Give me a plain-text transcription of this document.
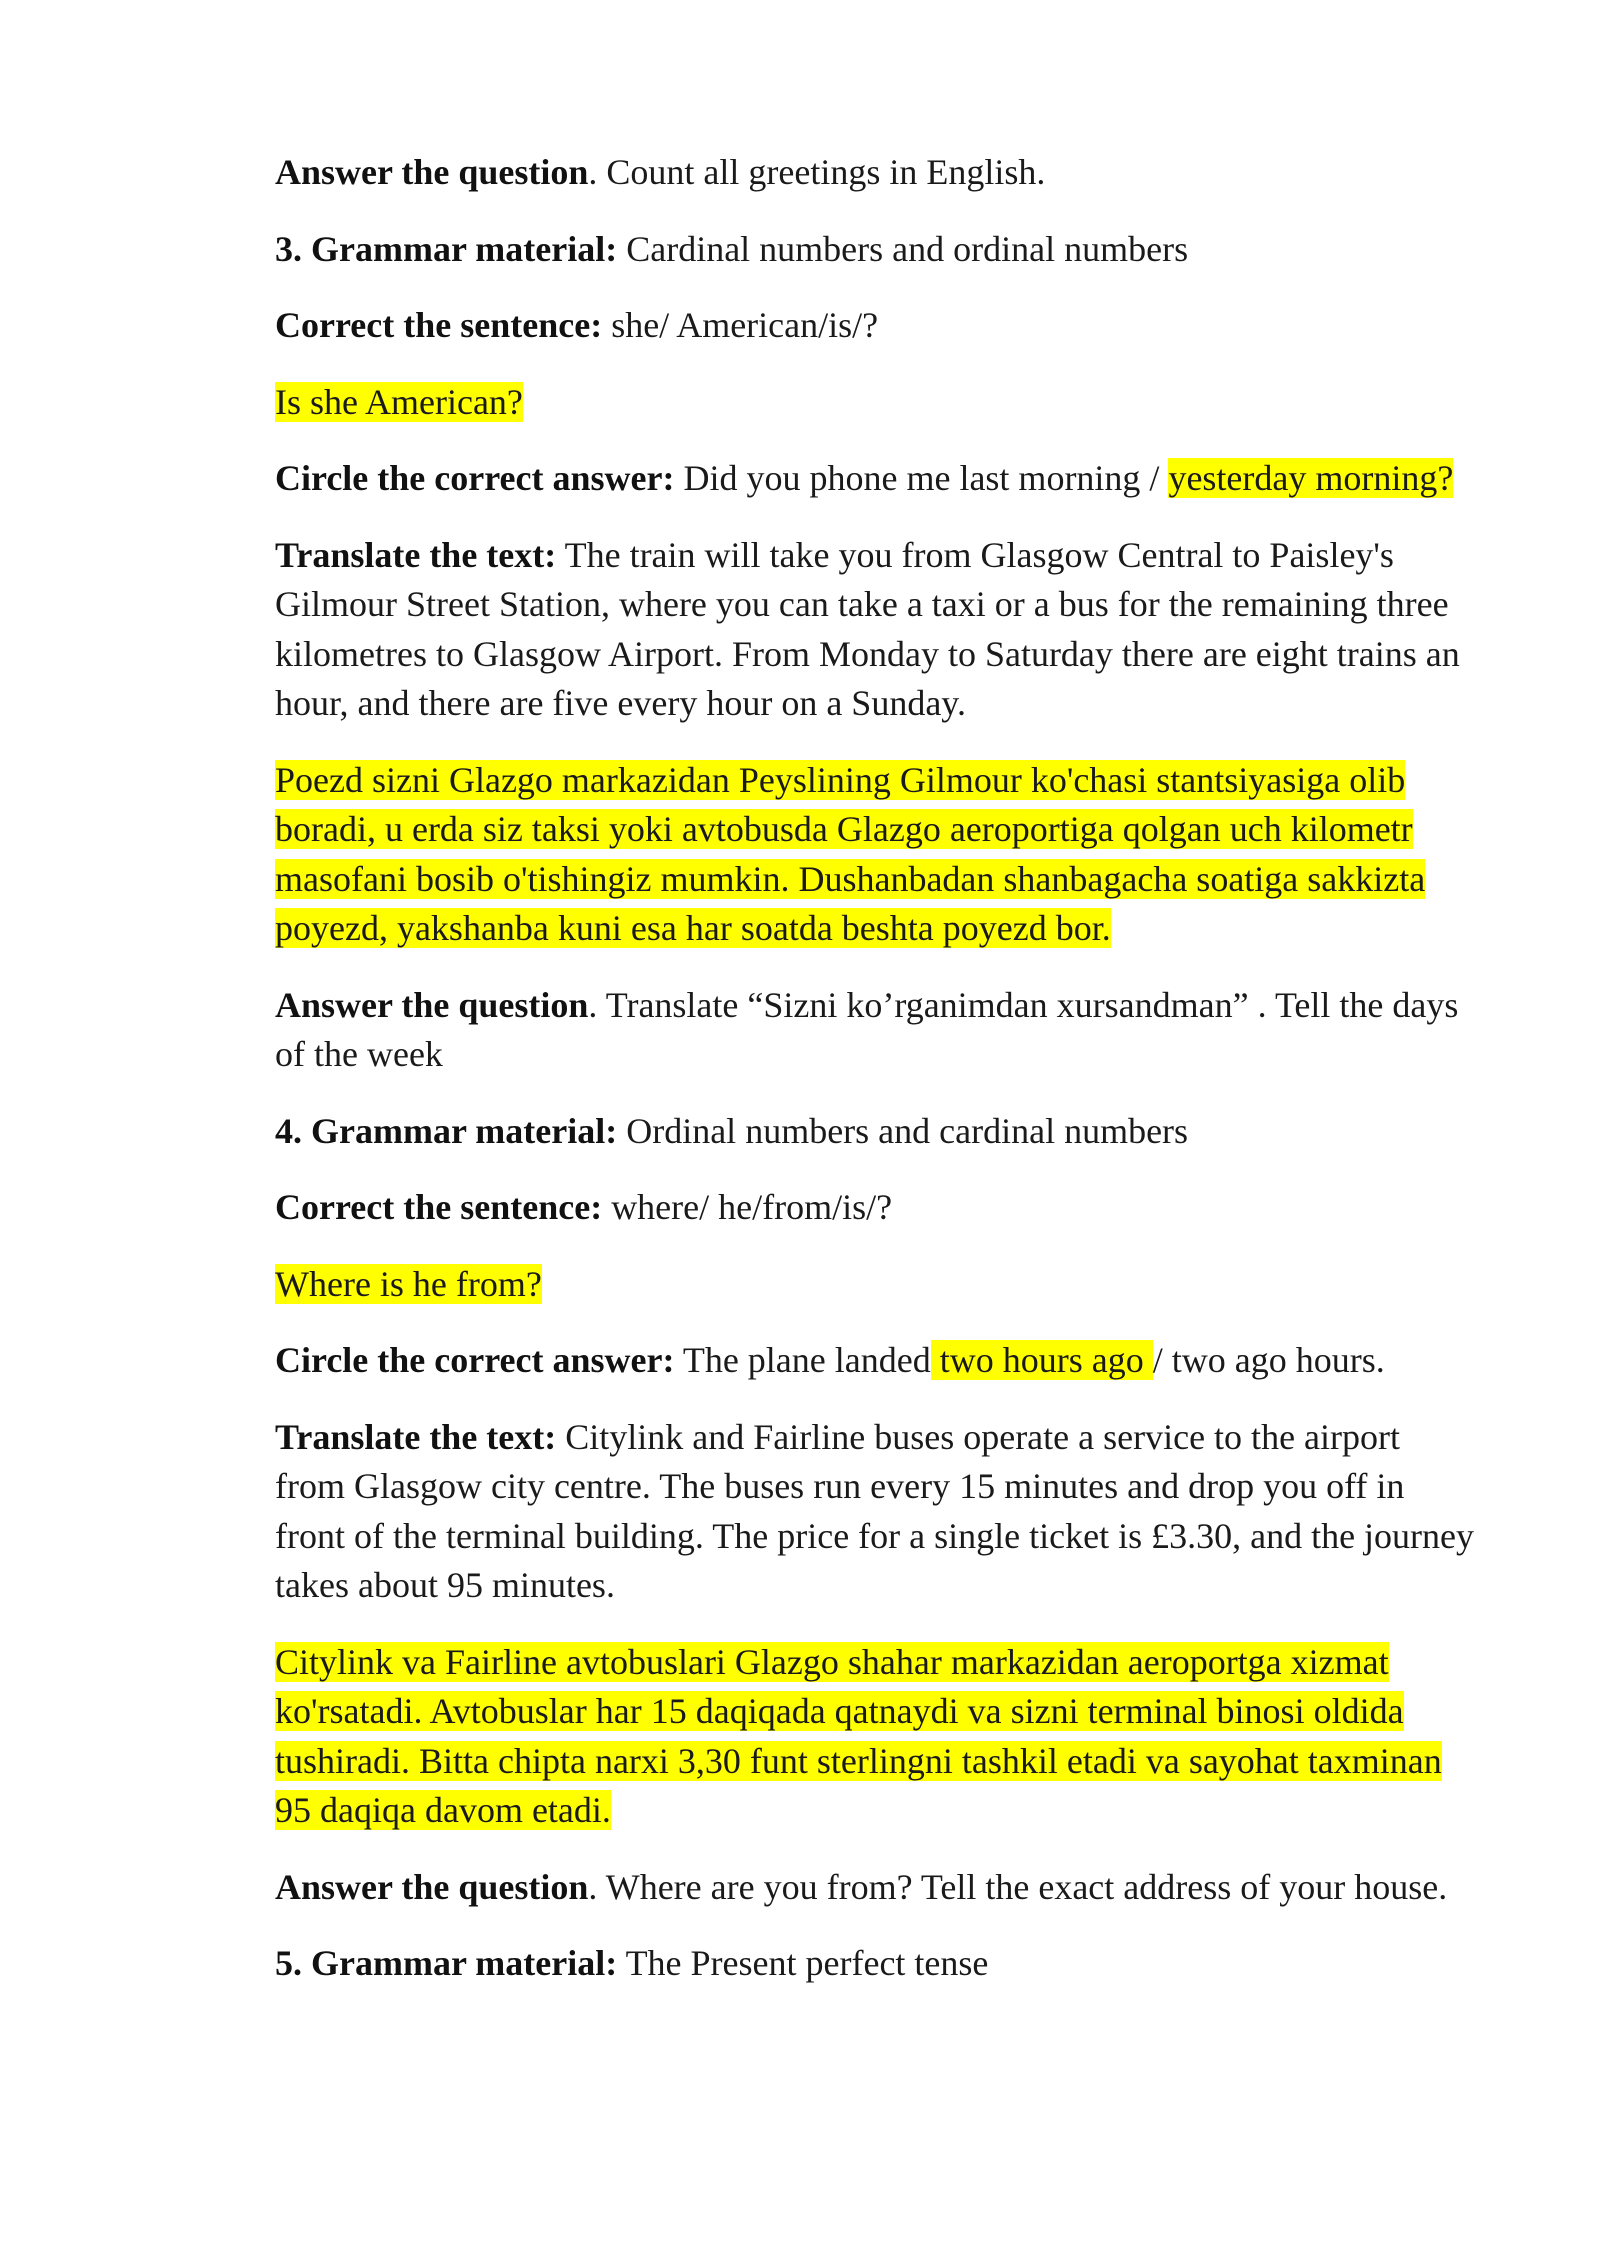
Answer the question. Count all greetings in English.

3. Grammar material: Cardinal numbers and ordinal numbers

Correct the sentence: she/ American/is/?

Is she American?

Circle the correct answer: Did you phone me last morning / yesterday morning?

Translate the text: The train will take you from Glasgow Central to Paisley's Gilmour Street Station, where you can take a taxi or a bus for the remaining three kilometres to Glasgow Airport. From Monday to Saturday there are eight trains an hour, and there are five every hour on a Sunday.

Poezd sizni Glazgo markazidan Peyslining Gilmour ko'chasi stantsiyasiga olib boradi, u erda siz taksi yoki avtobusda Glazgo aeroportiga qolgan uch kilometr masofani bosib o'tishingiz mumkin. Dushanbadan shanbagacha soatiga sakkizta poyezd, yakshanba kuni esa har soatda beshta poyezd bor.

Answer the question. Translate “Sizni ko’rganimdan xursandman” . Tell the days of the week

4. Grammar material: Ordinal numbers and cardinal numbers

Correct the sentence: where/ he/from/is/?

Where is he from?

Circle the correct answer: The plane landed two hours ago / two ago hours.

Translate the text: Citylink and Fairline buses operate a service to the airport from Glasgow city centre. The buses run every 15 minutes and drop you off in front of the terminal building. The price for a single ticket is £3.30, and the journey takes about 95 minutes.

Citylink va Fairline avtobuslari Glazgo shahar markazidan aeroportga xizmat ko'rsatadi. Avtobuslar har 15 daqiqada qatnaydi va sizni terminal binosi oldida tushiradi. Bitta chipta narxi 3,30 funt sterlingni tashkil etadi va sayohat taxminan 95 daqiqa davom etadi.

Answer the question. Where are you from? Tell the exact address of your house.

5. Grammar material: The Present perfect tense
